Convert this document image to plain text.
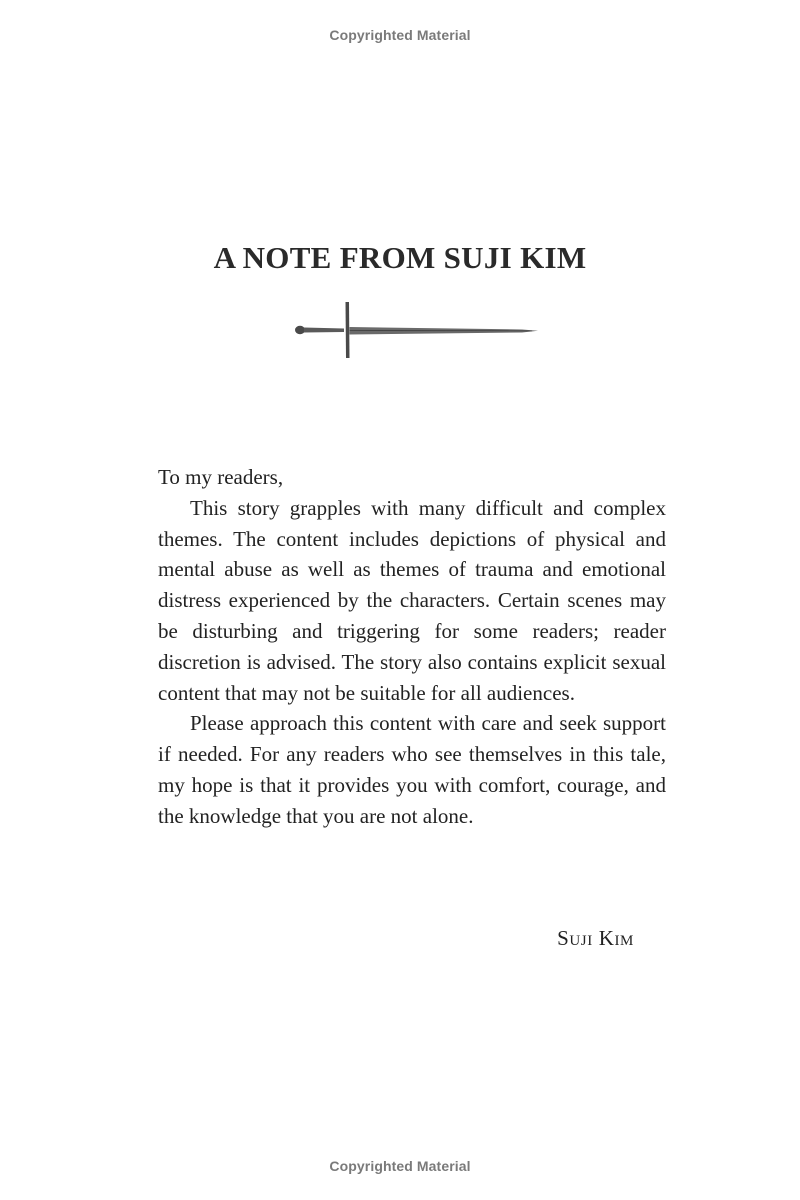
Copyrighted Material
A NOTE FROM SUJI KIM

To my readers,

This story grapples with many difficult and complex themes. The content includes depictions of physical and mental abuse as well as themes of trauma and emotional distress experienced by the characters. Certain scenes may be disturbing and triggering for some readers; reader discretion is advised. The story also contains explicit sexual content that may not be suitable for all audiences.

Please approach this content with care and seek support if needed. For any readers who see themselves in this tale, my hope is that it provides you with comfort, courage, and the knowledge that you are not alone.

Suji Kim
Copyrighted Material
